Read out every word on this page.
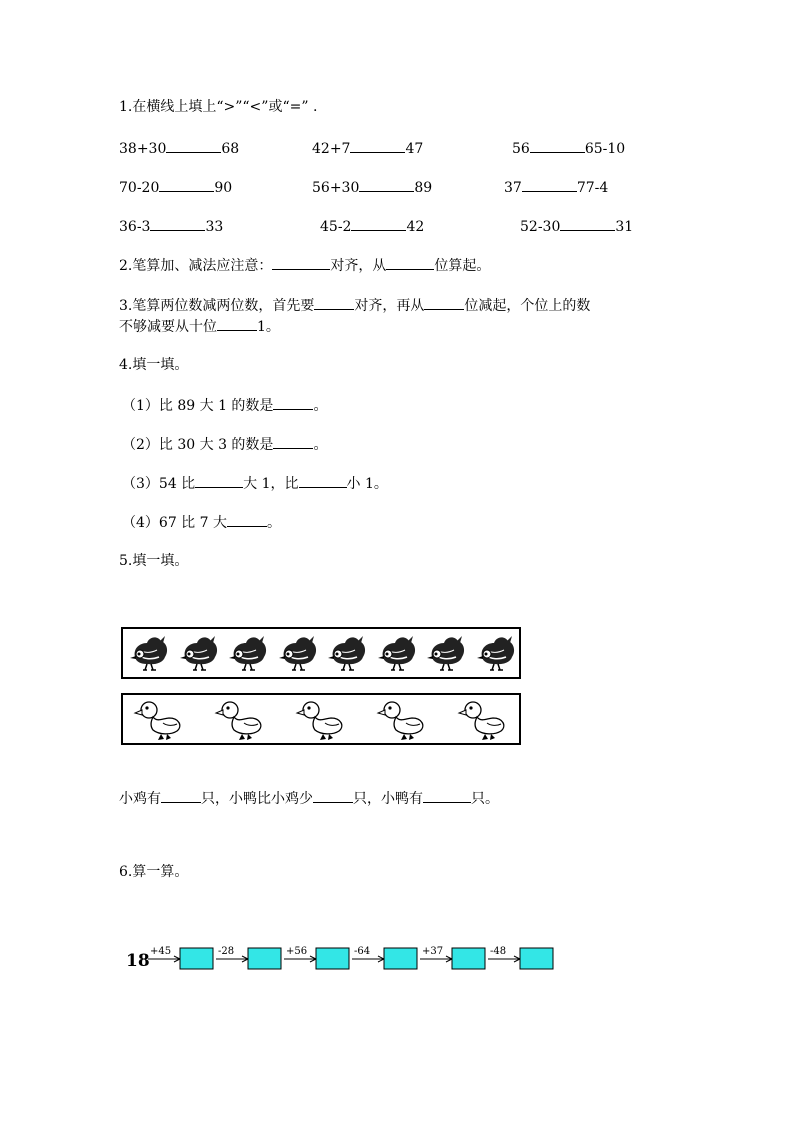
1.在横线上填上“>”“<”或“=” .
38+30	68	42+7	47	56	65-10
70-20	90	56+30	89	37	77-4
36-3	33	45-2	42	52-30	31
2.笔算加、减法应注意：	对齐，从	位算起。
3.笔算两位数减两位数，首先要	对齐，再从	位减起，个位上的数
不够减要从十位	1。
4.填一填。
（1）比 89 大 1 的数是	。
（2）比 30 大 3 的数是	。
（3）54 比	大 1，比	小 1。
（4）67 比 7 大	。
5.填一填。
小鸡有	只，小鸭比小鸡少	只，小鸭有	只。
6.算一算。
18 +45	-28	+56	-64	+37	-48
